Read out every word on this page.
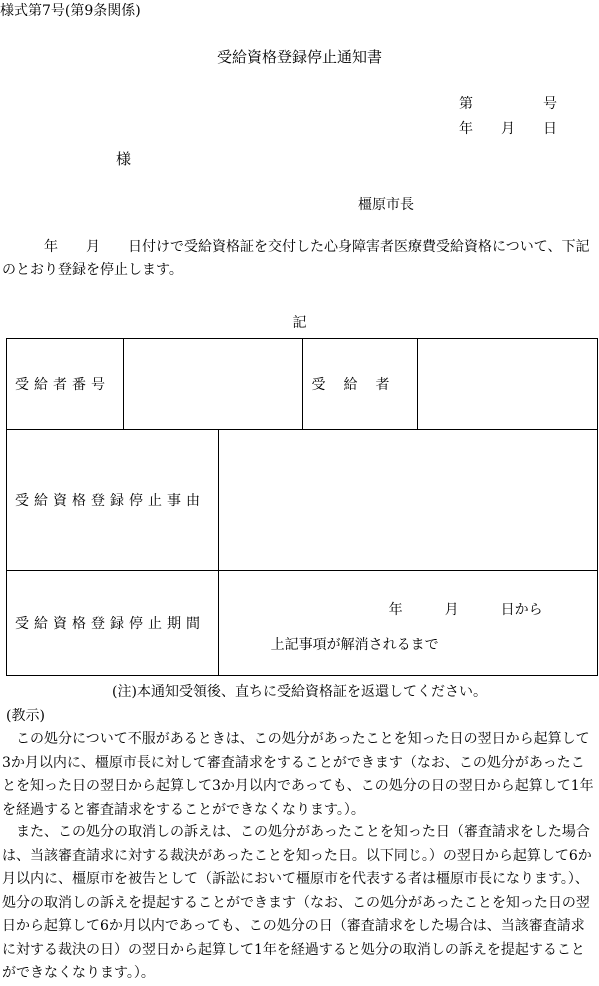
様式第7号(第9条関係)
受給資格登録停止通知書
第　　　　　号
年　　月　　日
様
橿原市長
　　　年　　月　　日付けで受給資格証を交付した心身障害者医療費受給資格について、下記のとおり登録を停止します。
記
受給者番号			受　給　者	
受給資格登録停止事由				
受給資格登録停止期間		年　　　月　　　日から
上記事項が解消されるまで		
(注)本通知受領後、直ちに受給資格証を返還してください。
(教示)
この処分について不服があるときは、この処分があったことを知った日の翌日から起算して3か月以内に、橿原市長に対して審査請求をすることができます（なお、この処分があったことを知った日の翌日から起算して3か月以内であっても、この処分の日の翌日から起算して1年を経過すると審査請求をすることができなくなります。）。
また、この処分の取消しの訴えは、この処分があったことを知った日（審査請求をした場合は、当該審査請求に対する裁決があったことを知った日。以下同じ。）の翌日から起算して6か月以内に、橿原市を被告として（訴訟において橿原市を代表する者は橿原市長になります。）、処分の取消しの訴えを提起することができます（なお、この処分があったことを知った日の翌日から起算して6か月以内であっても、この処分の日（審査請求をした場合は、当該審査請求に対する裁決の日）の翌日から起算して1年を経過すると処分の取消しの訴えを提起することができなくなります。）。
